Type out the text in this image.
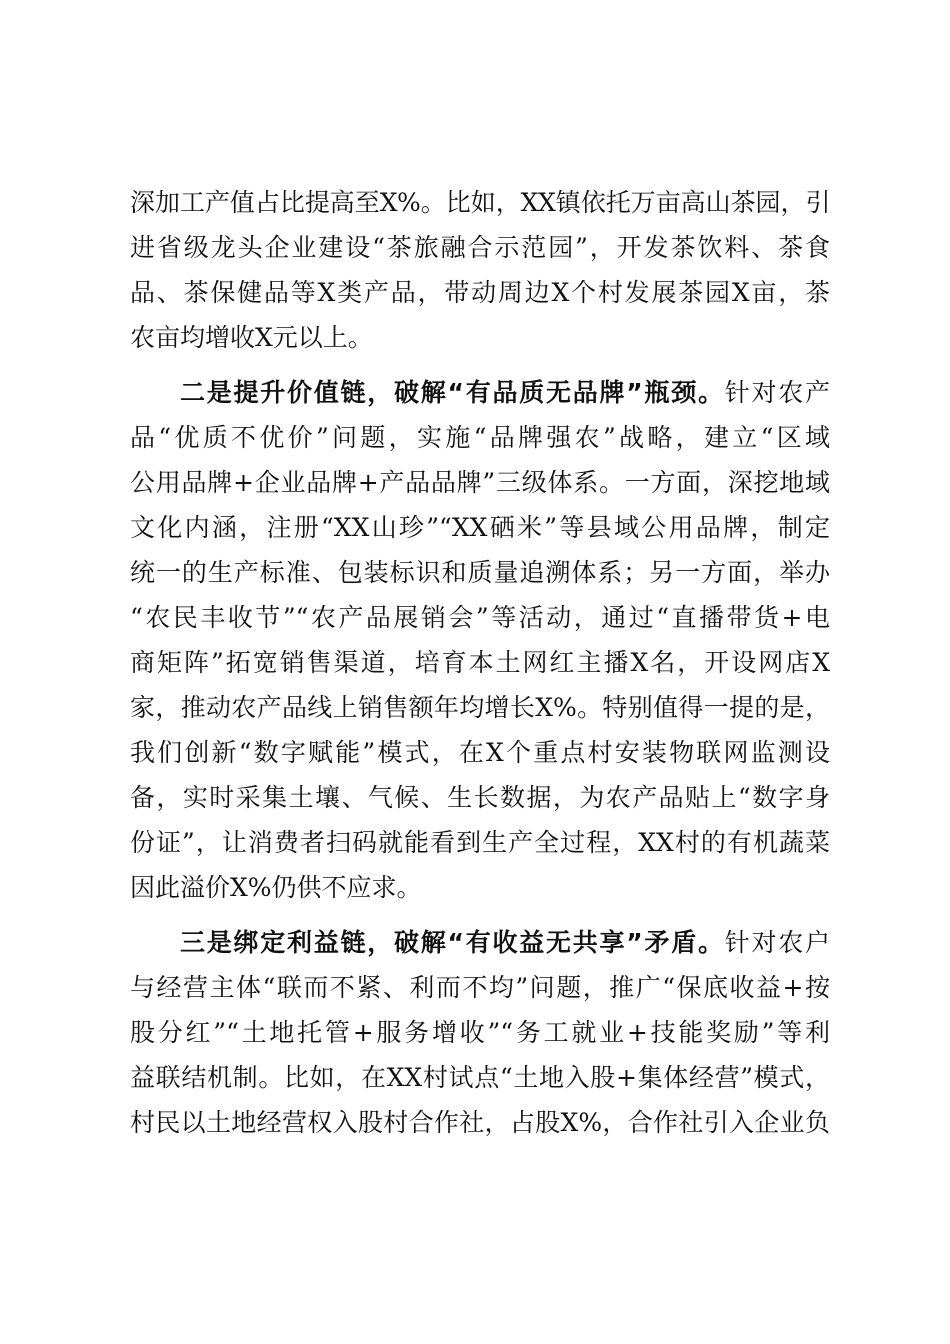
深加工产值占比提高至X%。比如，XX镇依托万亩高山茶园，引
进省级龙头企业建设“茶旅融合示范园”，开发茶饮料、茶食
品、茶保健品等X类产品，带动周边X个村发展茶园X亩，茶
农亩均增收X元以上。
二是提升价值链，破解“有品质无品牌”瓶颈。针对农产
品“优质不优价”问题，实施“品牌强农”战略，建立“区域
公用品牌+企业品牌+产品品牌”三级体系。一方面，深挖地域
文化内涵，注册“XX山珍”“XX硒米”等县域公用品牌，制定
统一的生产标准、包装标识和质量追溯体系；另一方面，举办
“农民丰收节”“农产品展销会”等活动，通过“直播带货+电
商矩阵”拓宽销售渠道，培育本土网红主播X名，开设网店X
家，推动农产品线上销售额年均增长X%。特别值得一提的是，
我们创新“数字赋能”模式，在X个重点村安装物联网监测设
备，实时采集土壤、气候、生长数据，为农产品贴上“数字身
份证”，让消费者扫码就能看到生产全过程，XX村的有机蔬菜
因此溢价X%仍供不应求。
三是绑定利益链，破解“有收益无共享”矛盾。针对农户
与经营主体“联而不紧、利而不均”问题，推广“保底收益+按
股分红”“土地托管+服务增收”“务工就业+技能奖励”等利
益联结机制。比如，在XX村试点“土地入股+集体经营”模式，
村民以土地经营权入股村合作社，占股X%，合作社引入企业负
